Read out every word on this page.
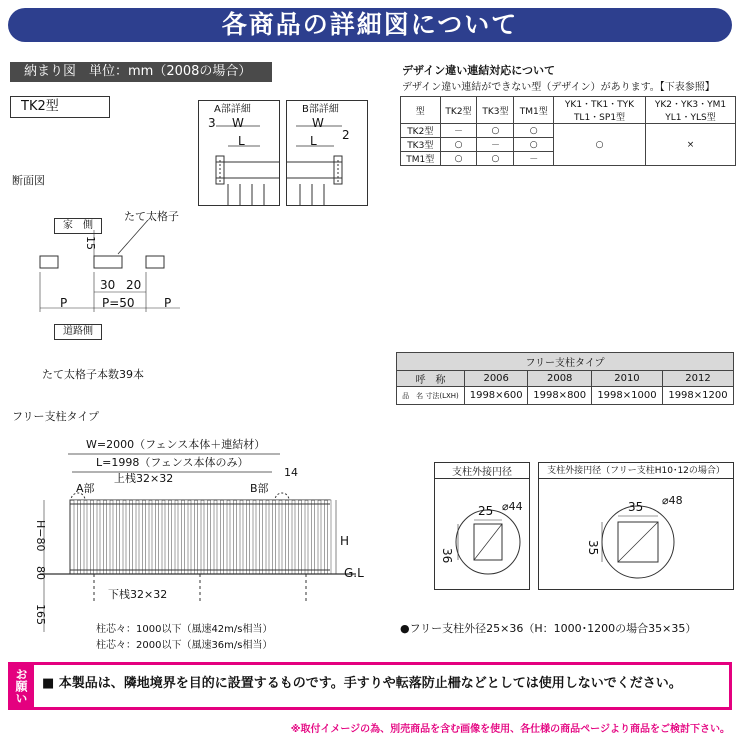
各商品の詳細図について
納まり図　単位：mm（2008の場合）
TK2型	A部詳細
3 W
L
B部詳細
W
L 2
断面図
家　側
たて太格子
15
30 20
P	P=50 P
道路側
たて太格子本数39本
デザイン違い連結対応について
デザイン違い連結ができない型（デザイン）があります。【下表参照】
型	TK2型	TK3型	TM1型	YK1・TK1・TYK TL1・SP1型	YK2・YK3・YM1 YL1・YLS型
TK2型	－	○	○	○	×
TK3型	○	－	○		
TM1型	○	○	－		
フリー支柱タイプ				
呼　称	2006	2008	2010	2012
品　名 寸法(LXH)	1998×600	1998×800	1998×1000	1998×1200
フリー支柱タイプ
W=2000（フェンス本体＋連結材）
L=1998（フェンス本体のみ）
A部	B部
14
上桟32×32
H−80	H
80	G.L
下桟32×32
165
柱芯々：1000以下（風速42m/s相当）
柱芯々：2000以下（風速36m/s相当）
支柱外接円径
25
36
⌀44
支柱外接円径（フリー支柱H10･12の場合）
35
35
⌀48
●フリー支柱外径25×36（H：1000･1200の場合35×35）
お願い	■ 本製品は、隣地境界を目的に設置するものです。手すりや転落防止柵などとしては使用しないでください。
※取付イメージの為、別売商品を含む画像を使用、各仕様の商品ページより商品をご検討下さい。
